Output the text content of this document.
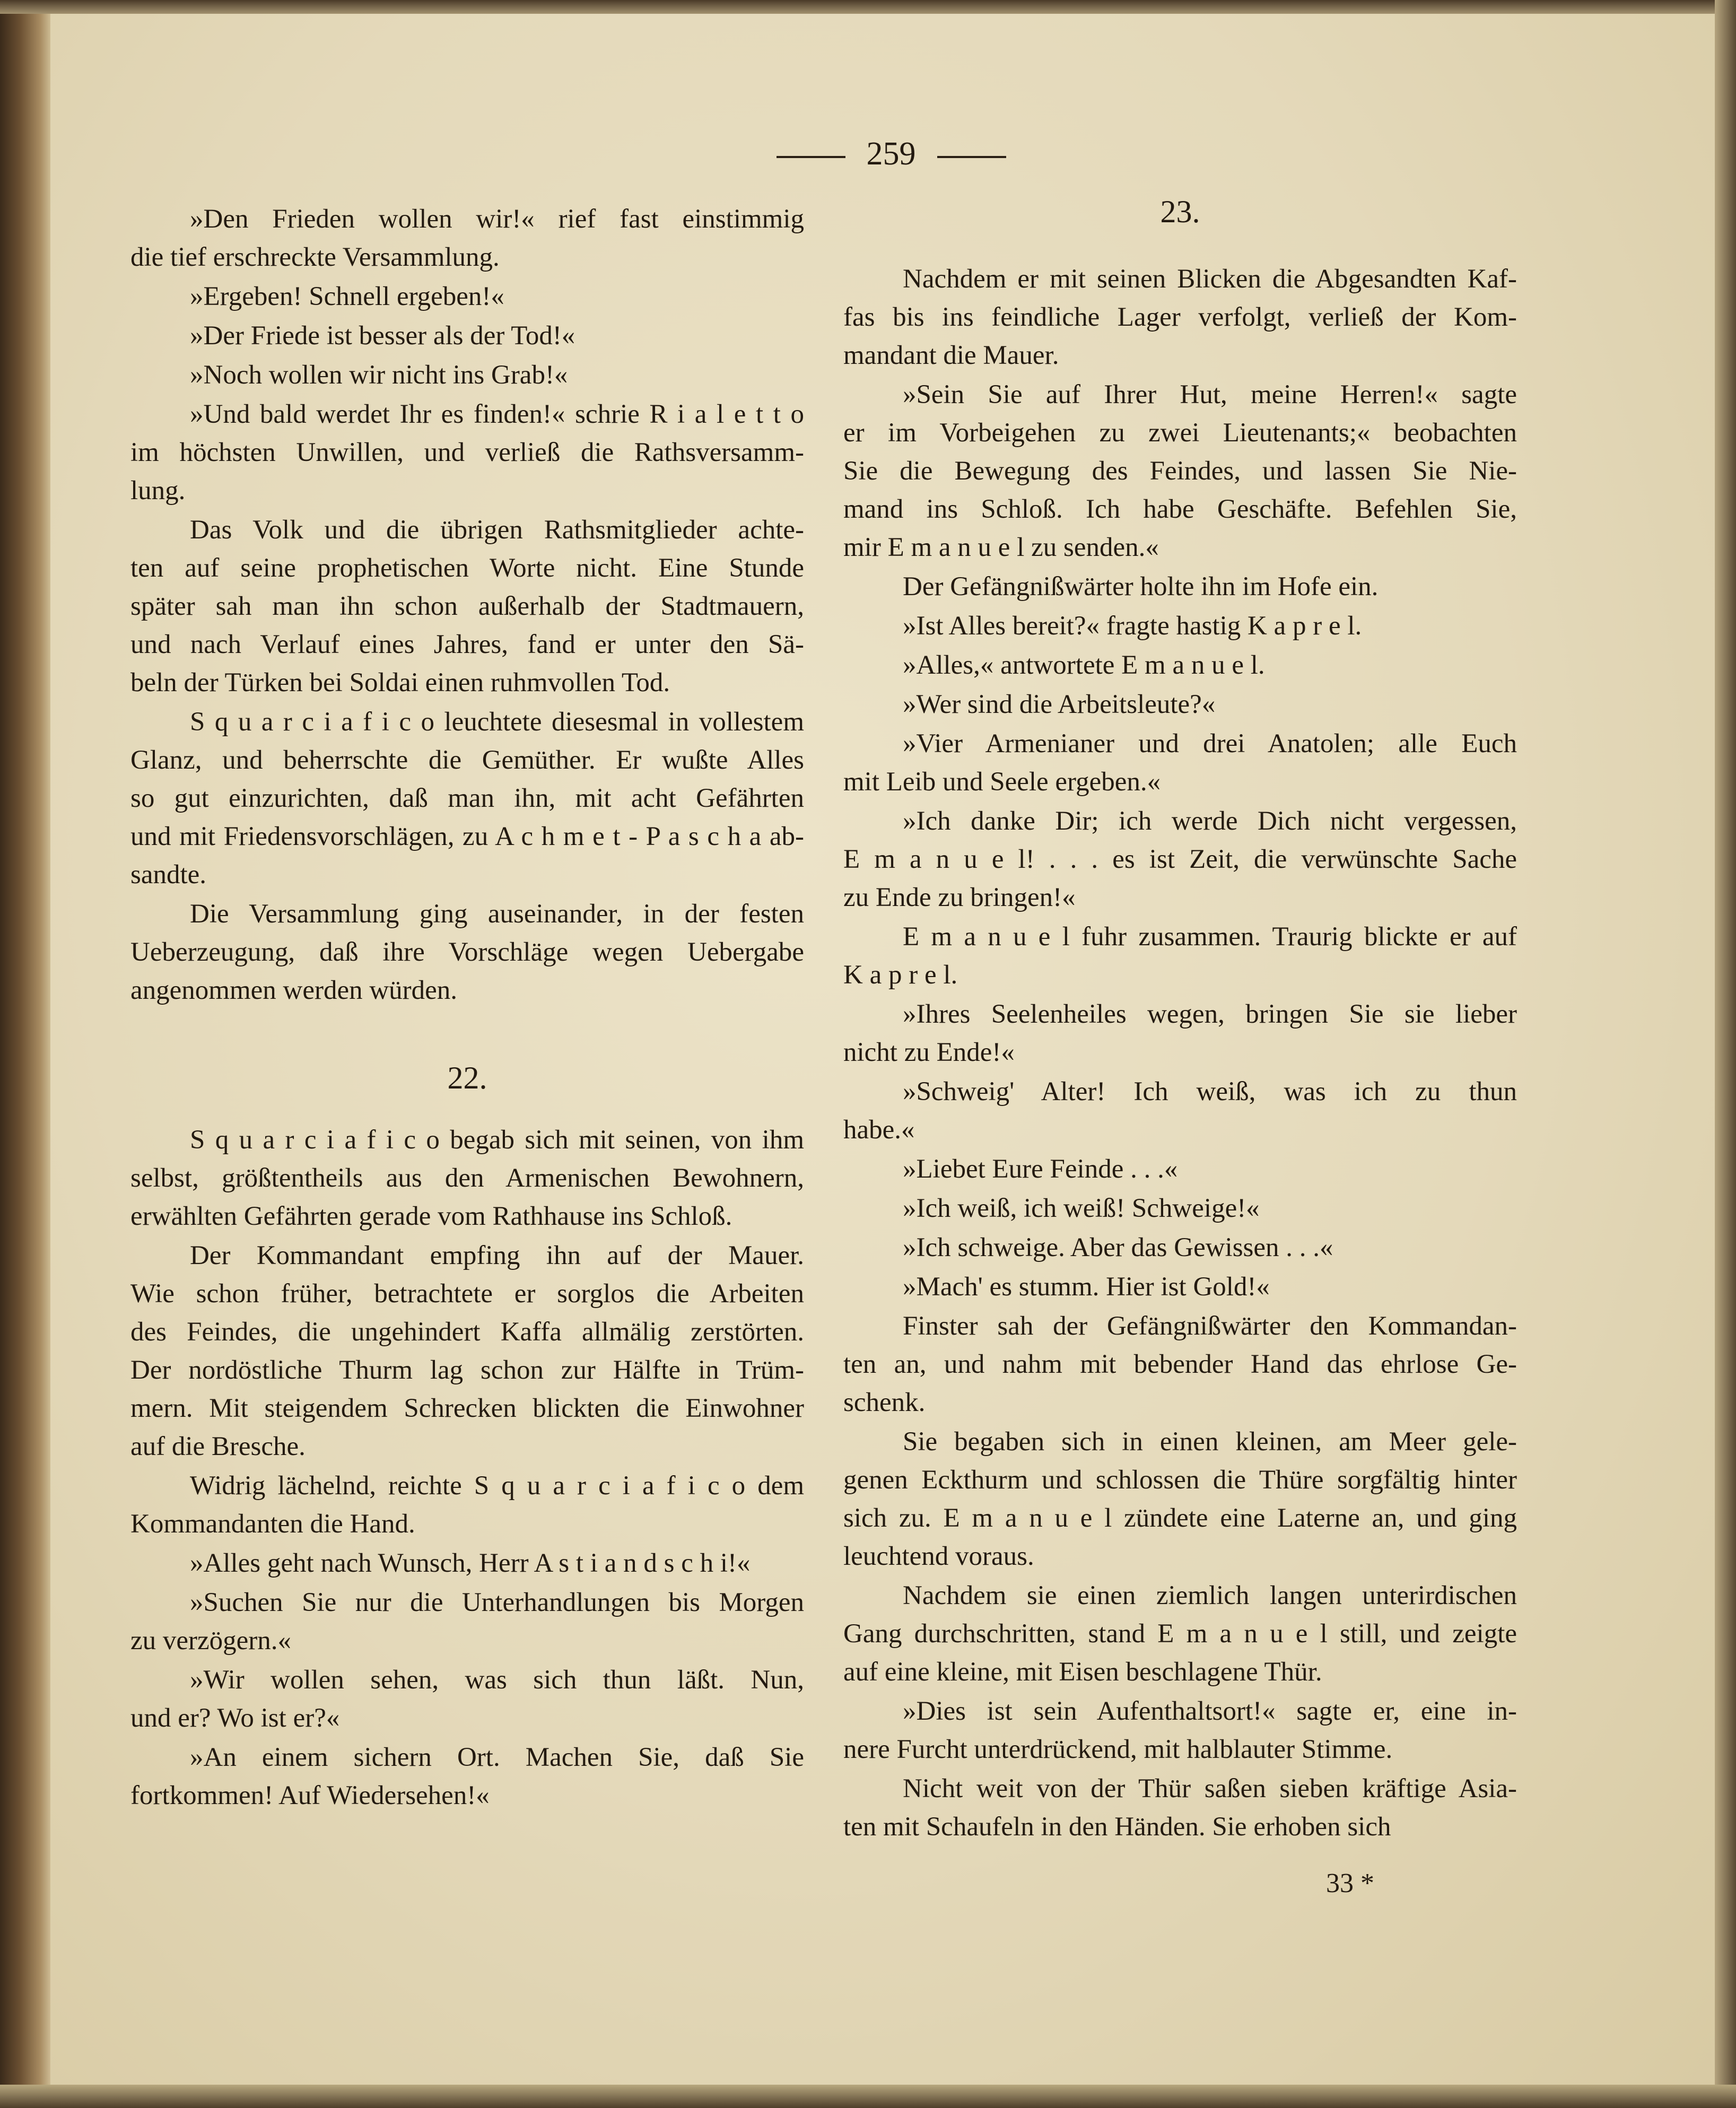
259
»Den Frieden wollen wir!« rief fast einstimmig
die tief erschreckte Versammlung.
»Ergeben! Schnell ergeben!«
»Der Friede ist besser als der Tod!«
»Noch wollen wir nicht ins Grab!«
»Und bald werdet Ihr es finden!« schrie R i a l e t t o
im höchsten Unwillen, und verließ die Rathsversamm-
lung.
Das Volk und die übrigen Rathsmitglieder achte-
ten auf seine prophetischen Worte nicht. Eine Stunde
später sah man ihn schon außerhalb der Stadtmauern,
und nach Verlauf eines Jahres, fand er unter den Sä-
beln der Türken bei Soldai einen ruhmvollen Tod.
S q u a r c i a f i c o leuchtete diesesmal in vollestem
Glanz, und beherrschte die Gemüther. Er wußte Alles
so gut einzurichten, daß man ihn, mit acht Gefährten
und mit Friedensvorschlägen, zu A c h m e t - P a s c h a ab-
sandte.
Die Versammlung ging auseinander, in der festen
Ueberzeugung, daß ihre Vorschläge wegen Uebergabe
angenommen werden würden.
22.
S q u a r c i a f i c o begab sich mit seinen, von ihm
selbst, größtentheils aus den Armenischen Bewohnern,
erwählten Gefährten gerade vom Rathhause ins Schloß.
Der Kommandant empfing ihn auf der Mauer.
Wie schon früher, betrachtete er sorglos die Arbeiten
des Feindes, die ungehindert Kaffa allmälig zerstörten.
Der nordöstliche Thurm lag schon zur Hälfte in Trüm-
mern. Mit steigendem Schrecken blickten die Einwohner
auf die Bresche.
Widrig lächelnd, reichte S q u a r c i a f i c o dem
Kommandanten die Hand.
»Alles geht nach Wunsch, Herr A s t i a n d s c h i!«
»Suchen Sie nur die Unterhandlungen bis Morgen
zu verzögern.«
»Wir wollen sehen, was sich thun läßt. Nun,
und er? Wo ist er?«
»An einem sichern Ort. Machen Sie, daß Sie
fortkommen! Auf Wiedersehen!«
23.
Nachdem er mit seinen Blicken die Abgesandten Kaf-
fas bis ins feindliche Lager verfolgt, verließ der Kom-
mandant die Mauer.
»Sein Sie auf Ihrer Hut, meine Herren!« sagte
er im Vorbeigehen zu zwei Lieutenants;« beobachten
Sie die Bewegung des Feindes, und lassen Sie Nie-
mand ins Schloß. Ich habe Geschäfte. Befehlen Sie,
mir E m a n u e l zu senden.«
Der Gefängnißwärter holte ihn im Hofe ein.
»Ist Alles bereit?« fragte hastig K a p r e l.
»Alles,« antwortete E m a n u e l.
»Wer sind die Arbeitsleute?«
»Vier Armenianer und drei Anatolen; alle Euch
mit Leib und Seele ergeben.«
»Ich danke Dir; ich werde Dich nicht vergessen,
E m a n u e l! . . . es ist Zeit, die verwünschte Sache
zu Ende zu bringen!«
E m a n u e l fuhr zusammen. Traurig blickte er auf
K a p r e l.
»Ihres Seelenheiles wegen, bringen Sie sie lieber
nicht zu Ende!«
»Schweig' Alter! Ich weiß, was ich zu thun
habe.«
»Liebet Eure Feinde . . .«
»Ich weiß, ich weiß! Schweige!«
»Ich schweige. Aber das Gewissen . . .«
»Mach' es stumm. Hier ist Gold!«
Finster sah der Gefängnißwärter den Kommandan-
ten an, und nahm mit bebender Hand das ehrlose Ge-
schenk.
Sie begaben sich in einen kleinen, am Meer gele-
genen Eckthurm und schlossen die Thüre sorgfältig hinter
sich zu. E m a n u e l zündete eine Laterne an, und ging
leuchtend voraus.
Nachdem sie einen ziemlich langen unterirdischen
Gang durchschritten, stand E m a n u e l still, und zeigte
auf eine kleine, mit Eisen beschlagene Thür.
»Dies ist sein Aufenthaltsort!« sagte er, eine in-
nere Furcht unterdrückend, mit halblauter Stimme.
Nicht weit von der Thür saßen sieben kräftige Asia-
ten mit Schaufeln in den Händen. Sie erhoben sich
33 *
